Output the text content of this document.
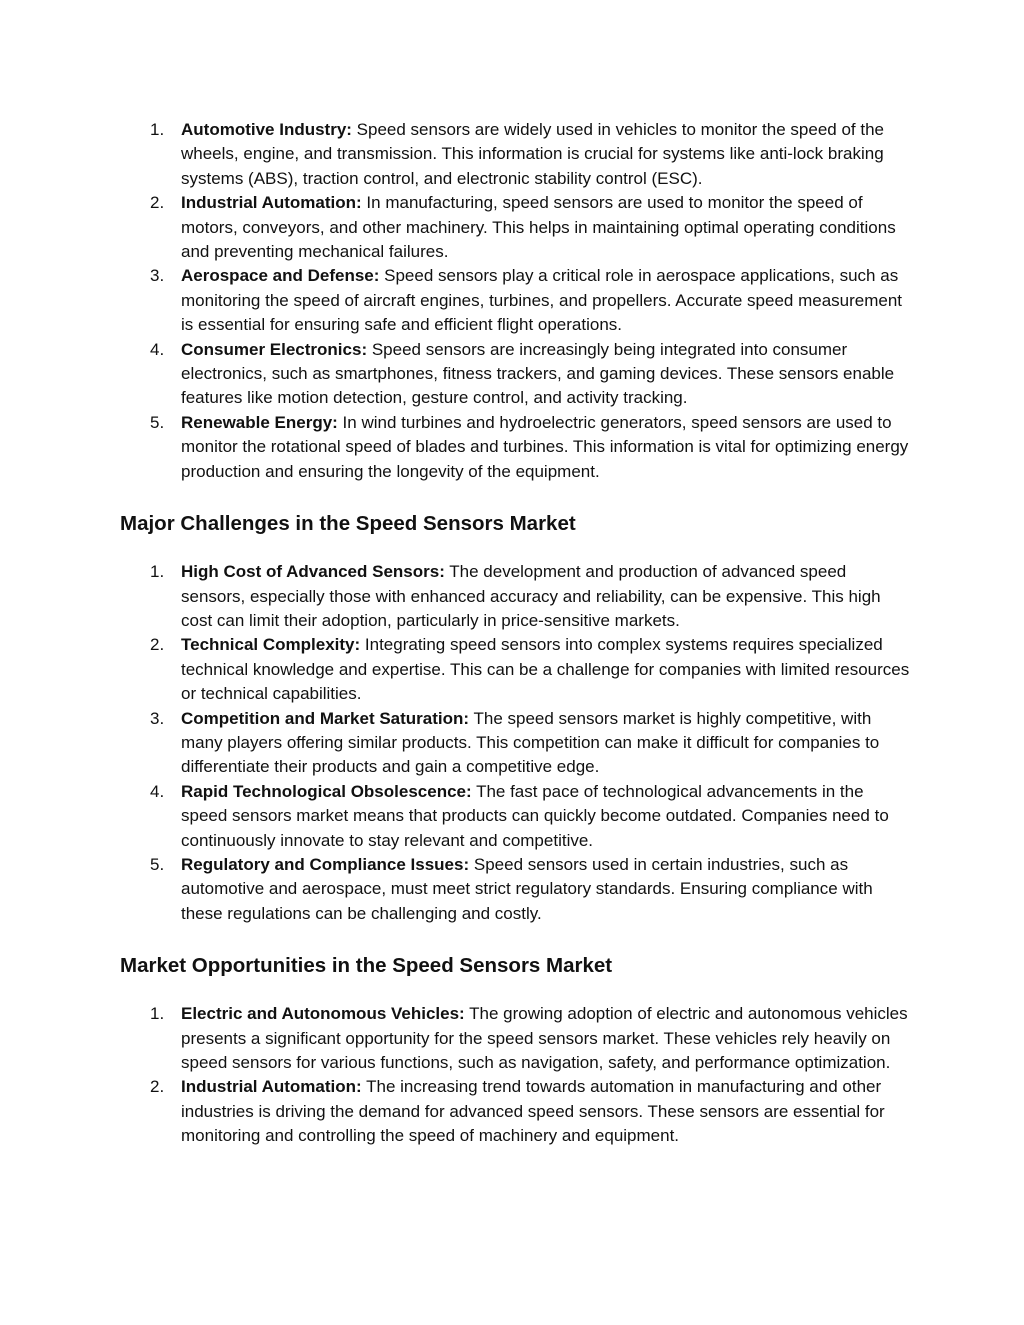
1. Automotive Industry: Speed sensors are widely used in vehicles to monitor the speed of the wheels, engine, and transmission. This information is crucial for systems like anti-lock braking systems (ABS), traction control, and electronic stability control (ESC).
2. Industrial Automation: In manufacturing, speed sensors are used to monitor the speed of motors, conveyors, and other machinery. This helps in maintaining optimal operating conditions and preventing mechanical failures.
3. Aerospace and Defense: Speed sensors play a critical role in aerospace applications, such as monitoring the speed of aircraft engines, turbines, and propellers. Accurate speed measurement is essential for ensuring safe and efficient flight operations.
4. Consumer Electronics: Speed sensors are increasingly being integrated into consumer electronics, such as smartphones, fitness trackers, and gaming devices. These sensors enable features like motion detection, gesture control, and activity tracking.
5. Renewable Energy: In wind turbines and hydroelectric generators, speed sensors are used to monitor the rotational speed of blades and turbines. This information is vital for optimizing energy production and ensuring the longevity of the equipment.
Major Challenges in the Speed Sensors Market
1. High Cost of Advanced Sensors: The development and production of advanced speed sensors, especially those with enhanced accuracy and reliability, can be expensive. This high cost can limit their adoption, particularly in price-sensitive markets.
2. Technical Complexity: Integrating speed sensors into complex systems requires specialized technical knowledge and expertise. This can be a challenge for companies with limited resources or technical capabilities.
3. Competition and Market Saturation: The speed sensors market is highly competitive, with many players offering similar products. This competition can make it difficult for companies to differentiate their products and gain a competitive edge.
4. Rapid Technological Obsolescence: The fast pace of technological advancements in the speed sensors market means that products can quickly become outdated. Companies need to continuously innovate to stay relevant and competitive.
5. Regulatory and Compliance Issues: Speed sensors used in certain industries, such as automotive and aerospace, must meet strict regulatory standards. Ensuring compliance with these regulations can be challenging and costly.
Market Opportunities in the Speed Sensors Market
1. Electric and Autonomous Vehicles: The growing adoption of electric and autonomous vehicles presents a significant opportunity for the speed sensors market. These vehicles rely heavily on speed sensors for various functions, such as navigation, safety, and performance optimization.
2. Industrial Automation: The increasing trend towards automation in manufacturing and other industries is driving the demand for advanced speed sensors. These sensors are essential for monitoring and controlling the speed of machinery and equipment.
